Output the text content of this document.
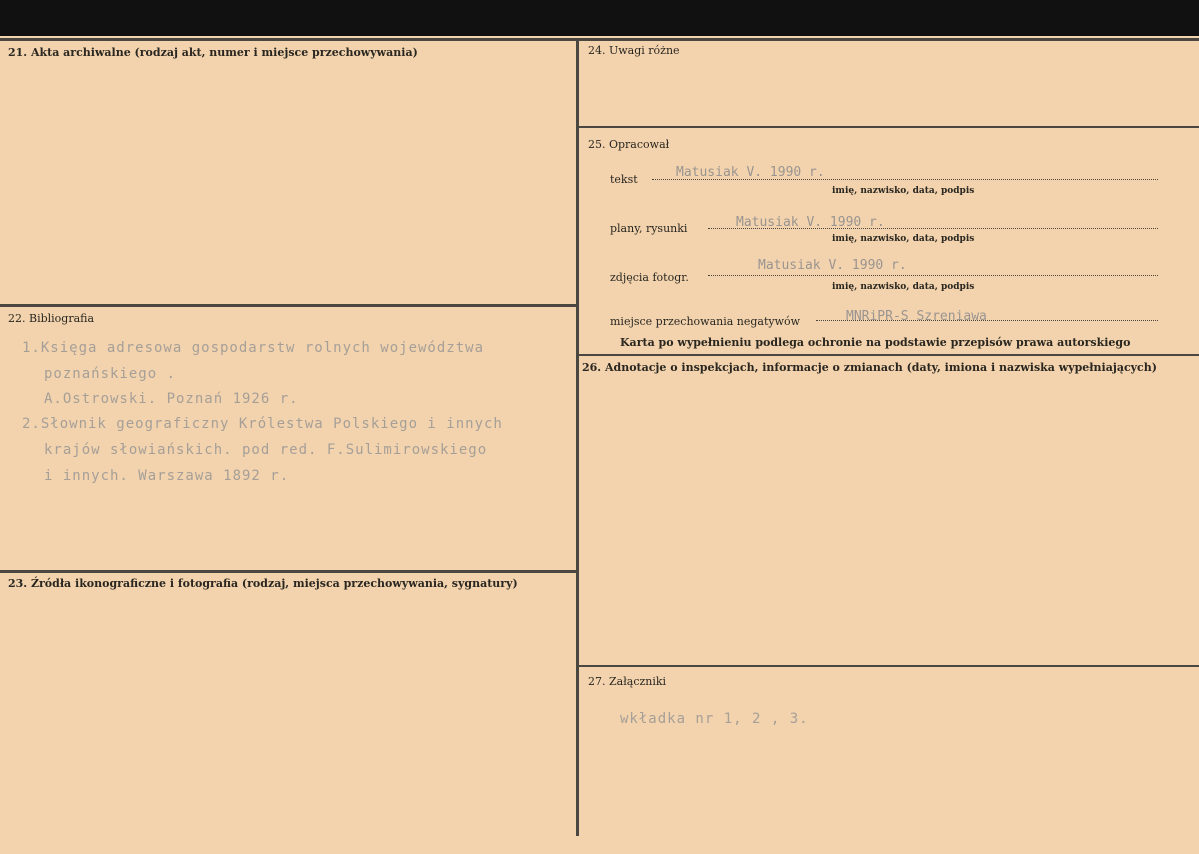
21. Akta archiwalne (rodzaj akt, numer i miejsce przechowywania)
22. Bibliografia
1.Księga adresowa gospodarstw rolnych województwa
poznańskiego .
A.Ostrowski. Poznań 1926 r.
2.Słownik geograficzny Królestwa Polskiego i innych
krajów słowiańskich. pod red. F.Sulimirowskiego
i innych. Warszawa 1892 r.
23. Źródła ikonograficzne i fotografia (rodzaj, miejsca przechowywania, sygnatury)
24. Uwagi różne
25. Opracował
tekst	Matusiak V. 1990 r.
imię, nazwisko, data, podpis
plany, rysunki	Matusiak V. 1990 r.
imię, nazwisko, data, podpis
zdjęcia fotogr.
Matusiak V. 1990 r.
imię, nazwisko, data, podpis
miejsce przechowania negatywów	MNRiPR-S Szreniawa
Karta po wypełnieniu podlega ochronie na podstawie przepisów prawa autorskiego
26. Adnotacje o inspekcjach, informacje o zmianach (daty, imiona i nazwiska wypełniających)
27. Załączniki
wkładka nr 1, 2 , 3.
